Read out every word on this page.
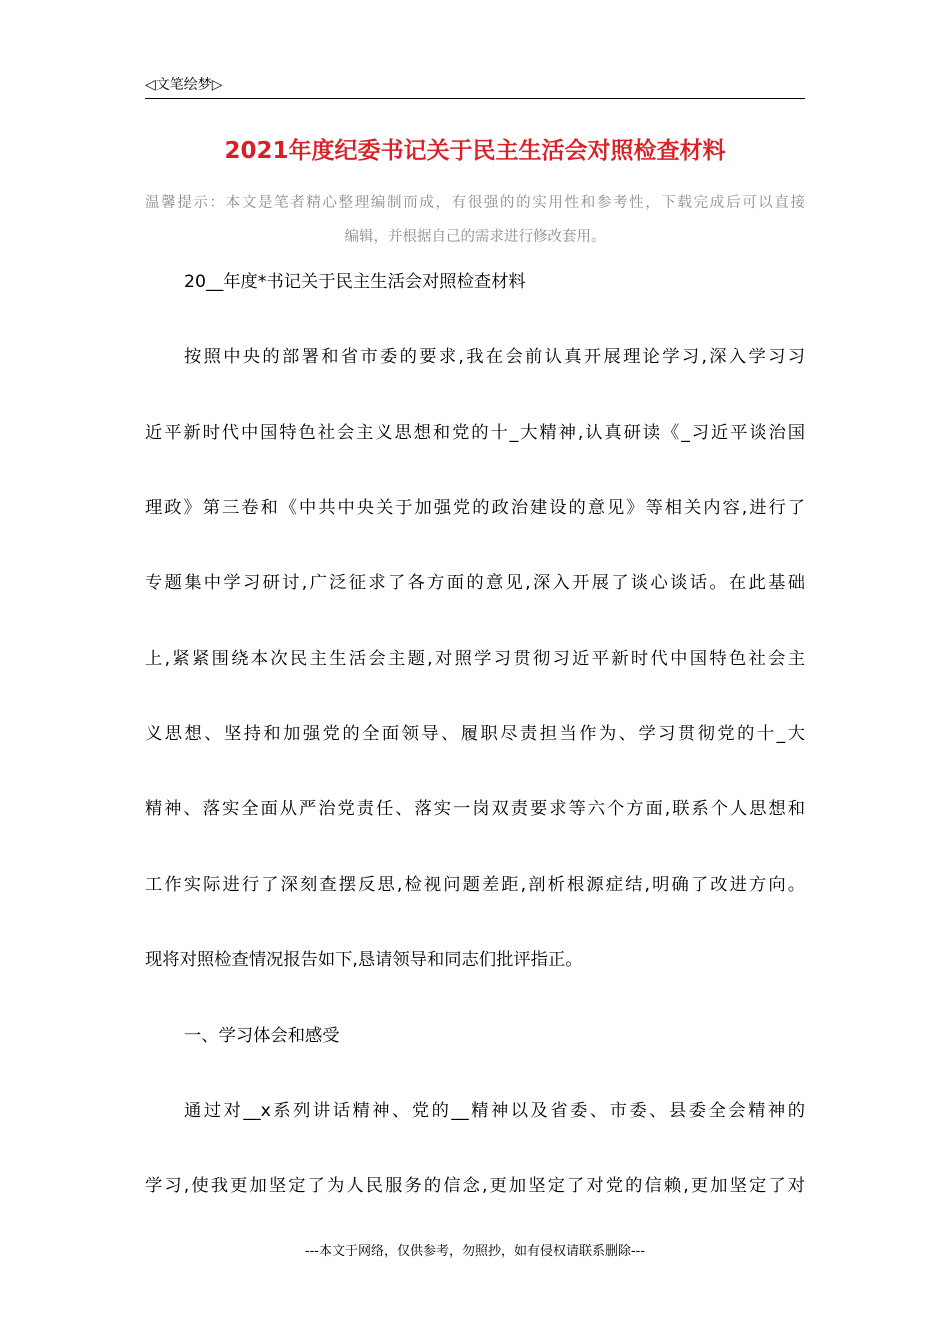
◁文笔绘梦▷
2021年度纪委书记关于民主生活会对照检查材料
温馨提示：本文是笔者精心整理编制而成，有很强的的实用性和参考性，下载完成后可以直接
编辑，并根据自己的需求进行修改套用。
20__年度*书记关于民主生活会对照检查材料
按照中央的部署和省市委的要求,我在会前认真开展理论学习,深入学习习
近平新时代中国特色社会主义思想和党的十_大精神,认真研读《_习近平谈治国
理政》第三卷和《中共中央关于加强党的政治建设的意见》等相关内容,进行了
专题集中学习研讨,广泛征求了各方面的意见,深入开展了谈心谈话。在此基础
上,紧紧围绕本次民主生活会主题,对照学习贯彻习近平新时代中国特色社会主
义思想、坚持和加强党的全面领导、履职尽责担当作为、学习贯彻党的十_大
精神、落实全面从严治党责任、落实一岗双责要求等六个方面,联系个人思想和
工作实际进行了深刻查摆反思,检视问题差距,剖析根源症结,明确了改进方向。
现将对照检查情况报告如下,恳请领导和同志们批评指正。
一、学习体会和感受
通过对__x系列讲话精神、党的__精神以及省委、市委、县委全会精神的
学习,使我更加坚定了为人民服务的信念,更加坚定了对党的信赖,更加坚定了对
---本文于网络，仅供参考，勿照抄，如有侵权请联系删除---
